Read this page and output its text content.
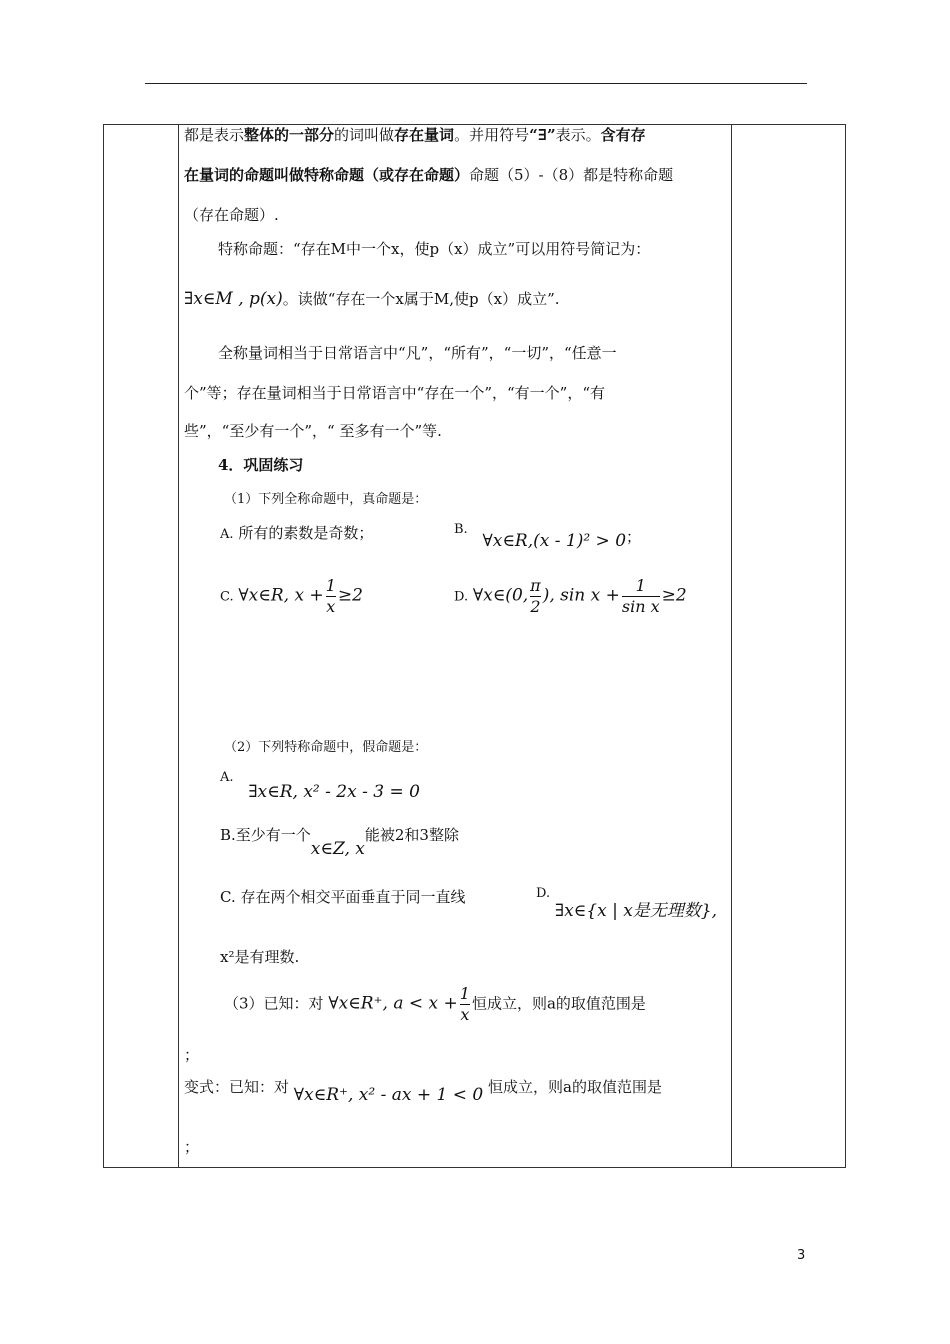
都是表示整体的一部分的词叫做存在量词。并用符号“∃”表示。含有存
在量词的命题叫做特称命题（或存在命题）命题（5）-（8）都是特称命题
（存在命题）.
特称命题：“存在M中一个x，使p（x）成立”可以用符号简记为：
∃x∈M , p(x)。读做“存在一个x属于M,使p（x）成立”.
全称量词相当于日常语言中“凡”，“所有”，“一切”，“任意一
个”等；存在量词相当于日常语言中“存在一个”，“有一个”，“有
些”，“至少有一个”，“ 至多有一个”等.
4．巩固练习
（1）下列全称命题中，真命题是：
A. 所有的素数是奇数；	B. ∀x∈R,(x - 1)² > 0；
C. ∀x∈R, $x + \frac{1}{x} \ge 2$	D. ∀x∈(0, $\frac{\pi}{2}$ ), $\sin x + \frac{1}{\text{sin x}} \ge 2$
（2）下列特称命题中，假命题是：
A. ∃x∈R, x² - 2x - 3 = 0
B.至少有一个x∈Z, x能被2和3整除
C. 存在两个相交平面垂直于同一直线	D. ∃x∈{x | x是无理数},
x²是有理数.
（3）已知：对 ∀x∈R⁺, $a < x + \frac{1}{x}$ 恒成立，则a的取值范围是
；
变式：已知：对 ∀x∈R⁺, x² - ax + 1 < 0 恒成立，则a的取值范围是
；
3
